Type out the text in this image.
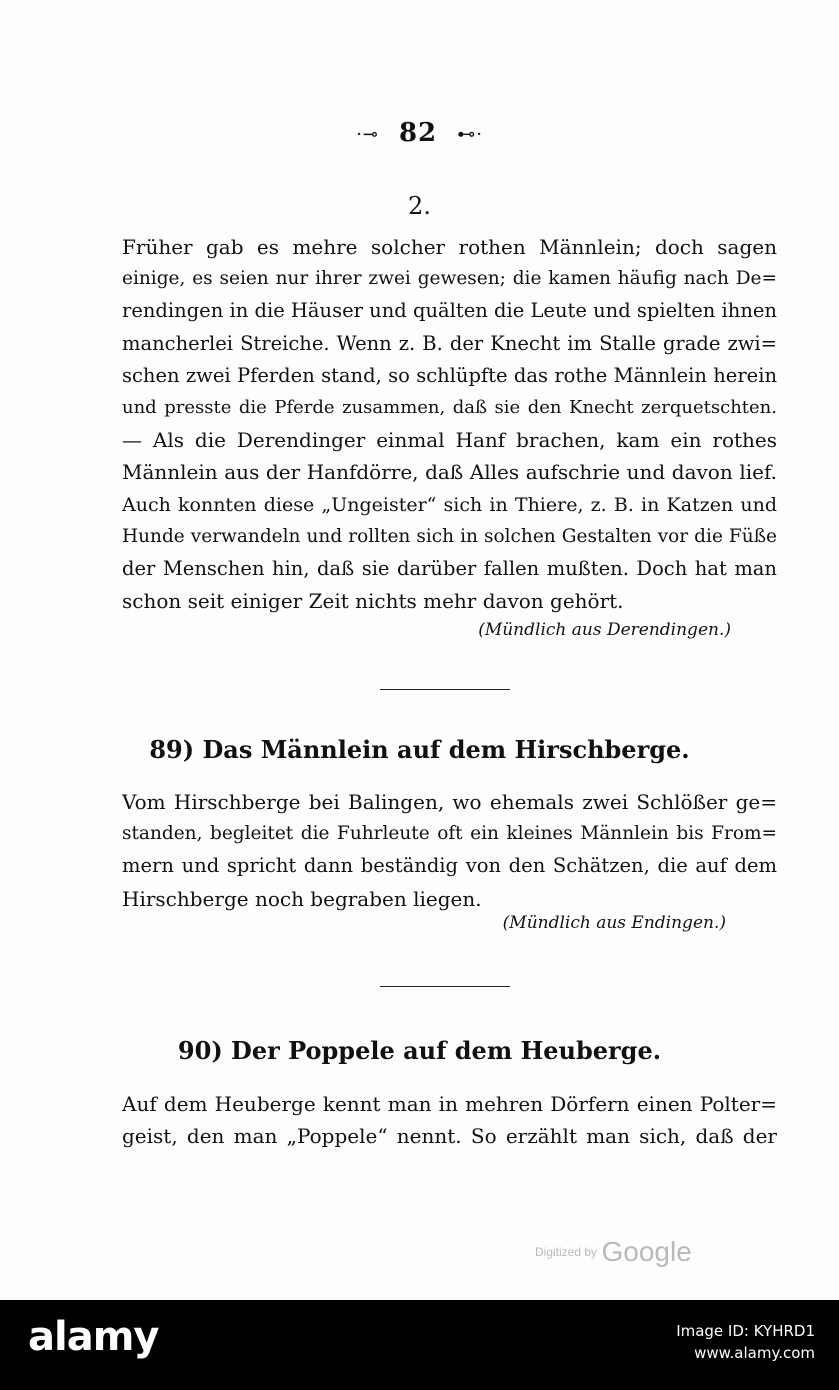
·⊸ 82 ⊷·
2.
Früher gab es mehre solcher rothen Männlein; doch sagen
einige, es seien nur ihrer zwei gewesen; die kamen häufig nach De=
rendingen in die Häuser und quälten die Leute und spielten ihnen
mancherlei Streiche. Wenn z. B. der Knecht im Stalle grade zwi=
schen zwei Pferden stand, so schlüpfte das rothe Männlein herein
und presste die Pferde zusammen, daß sie den Knecht zerquetschten.
— Als die Derendinger einmal Hanf brachen, kam ein rothes
Männlein aus der Hanfdörre, daß Alles aufschrie und davon lief.
Auch konnten diese „Ungeister“ sich in Thiere, z. B. in Katzen und
Hunde verwandeln und rollten sich in solchen Gestalten vor die Füße
der Menschen hin, daß sie darüber fallen mußten. Doch hat man
schon seit einiger Zeit nichts mehr davon gehört.
(Mündlich aus Derendingen.)
89) Das Männlein auf dem Hirschberge.
Vom Hirschberge bei Balingen, wo ehemals zwei Schlößer ge=
standen, begleitet die Fuhrleute oft ein kleines Männlein bis From=
mern und spricht dann beständig von den Schätzen, die auf dem
Hirschberge noch begraben liegen.
(Mündlich aus Endingen.)
90) Der Poppele auf dem Heuberge.
Auf dem Heuberge kennt man in mehren Dörfern einen Polter=
geist, den man „Poppele“ nennt. So erzählt man sich, daß der
Digitized by Google
alamy	Image ID: KYHRD1
www.alamy.com
